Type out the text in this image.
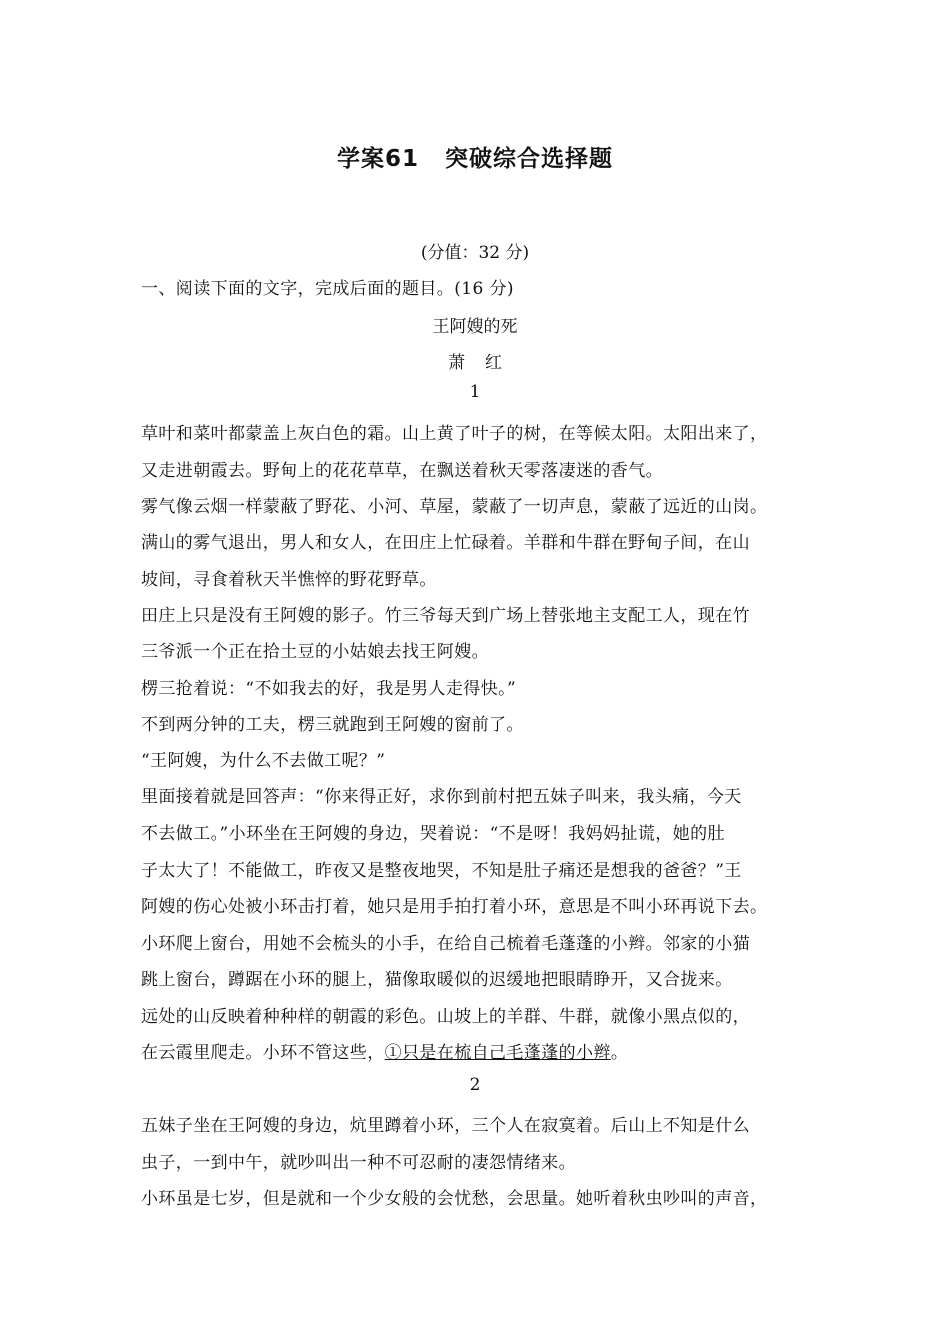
学案61 突破综合选择题
(分值：32 分)
一、阅读下面的文字，完成后面的题目。(16 分)
王阿嫂的死
萧 红
1
草叶和菜叶都蒙盖上灰白色的霜。山上黄了叶子的树，在等候太阳。太阳出来了，
又走进朝霞去。野甸上的花花草草，在飘送着秋天零落凄迷的香气。
雾气像云烟一样蒙蔽了野花、小河、草屋，蒙蔽了一切声息，蒙蔽了远近的山岗。
满山的雾气退出，男人和女人，在田庄上忙碌着。羊群和牛群在野甸子间，在山
坡间，寻食着秋天半憔悴的野花野草。
田庄上只是没有王阿嫂的影子。竹三爷每天到广场上替张地主支配工人，现在竹
三爷派一个正在拾土豆的小姑娘去找王阿嫂。
楞三抢着说：“不如我去的好，我是男人走得快。”
不到两分钟的工夫，楞三就跑到王阿嫂的窗前了。
“王阿嫂，为什么不去做工呢？”
里面接着就是回答声：“你来得正好，求你到前村把五妹子叫来，我头痛，今天
不去做工。”小环坐在王阿嫂的身边，哭着说：“不是呀！我妈妈扯谎，她的肚
子太大了！不能做工，昨夜又是整夜地哭，不知是肚子痛还是想我的爸爸？”王
阿嫂的伤心处被小环击打着，她只是用手拍打着小环，意思是不叫小环再说下去。
小环爬上窗台，用她不会梳头的小手，在给自己梳着毛蓬蓬的小辫。邻家的小猫
跳上窗台，蹲踞在小环的腿上，猫像取暖似的迟缓地把眼睛睁开，又合拢来。
远处的山反映着种种样的朝霞的彩色。山坡上的羊群、牛群，就像小黑点似的，
在云霞里爬走。小环不管这些，①只是在梳自己毛蓬蓬的小辫。
2
五妹子坐在王阿嫂的身边，炕里蹲着小环，三个人在寂寞着。后山上不知是什么
虫子，一到中午，就吵叫出一种不可忍耐的凄怨情绪来。
小环虽是七岁，但是就和一个少女般的会忧愁，会思量。她听着秋虫吵叫的声音，
